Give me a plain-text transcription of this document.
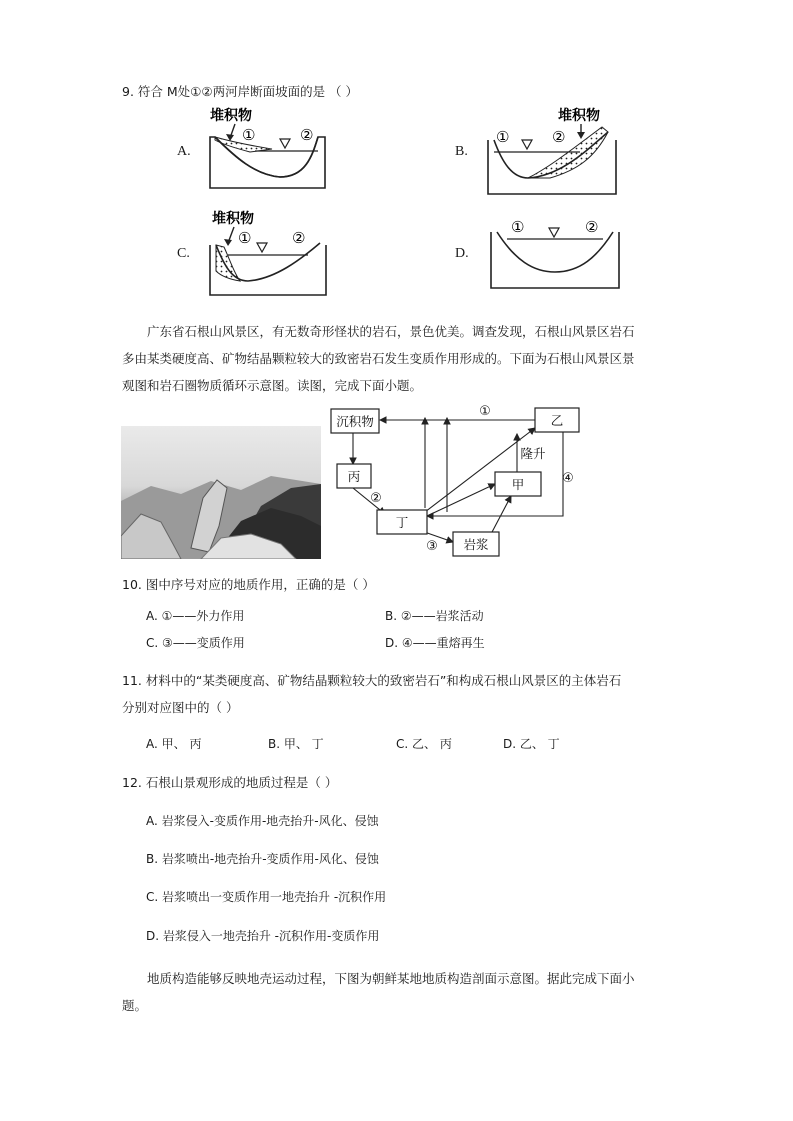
9. 符合 M处①②两河岸断面坡面的是 （ ）
A.
堆积物
①	②
B.
堆积物
①	②
C.
堆积物
①	②
D.
①	②
广东省石根山风景区，有无数奇形怪状的岩石，景色优美。调查发现，石根山风景区岩石
多由某类硬度高、矿物结晶颗粒较大的致密岩石发生变质作用形成的。下面为石根山风景区景
观图和岩石圈物质循环示意图。读图，完成下面小题。
沉积物	乙
丙
甲
丁
岩浆
①
②
③
④
隆升
10. 图中序号对应的地质作用，正确的是（ ）
A. ①——外力作用	B. ②——岩浆活动
C. ③——变质作用	D. ④——重熔再生
11. 材料中的“某类硬度高、矿物结晶颗粒较大的致密岩石”和构成石根山风景区的主体岩石
分别对应图中的（ ）
A. 甲、 丙	B. 甲、 丁	C. 乙、 丙	D. 乙、 丁
12. 石根山景观形成的地质过程是（ ）
A. 岩浆侵入-变质作用-地壳抬升-风化、侵蚀
B. 岩浆喷出-地壳抬升-变质作用-风化、侵蚀
C. 岩浆喷出一变质作用一地壳抬升 -沉积作用
D. 岩浆侵入一地壳抬升 -沉积作用-变质作用
地质构造能够反映地壳运动过程，下图为朝鲜某地地质构造剖面示意图。据此完成下面小
题。
